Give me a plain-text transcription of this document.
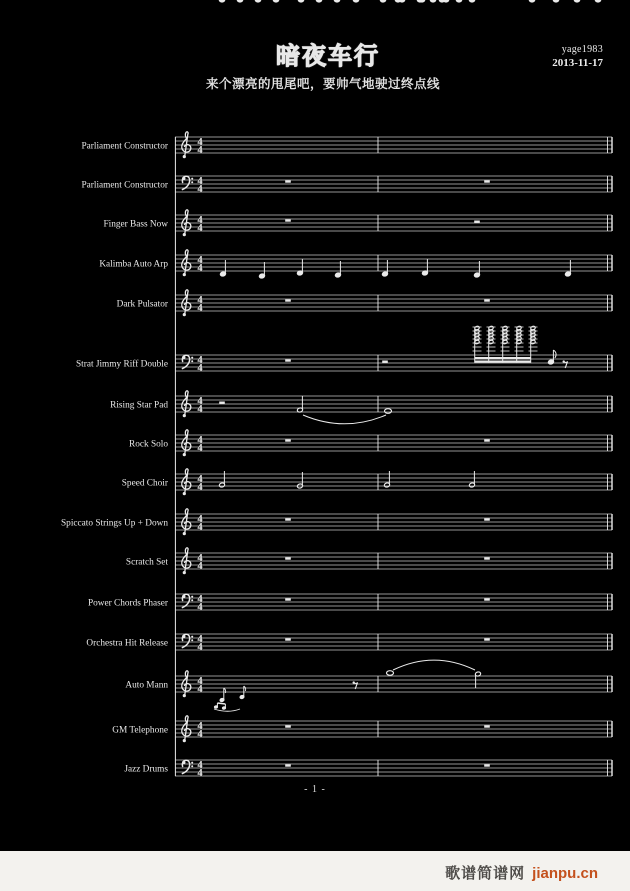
Parliament Constructor	4
4
Parliament Constructor	4
4
Finger Bass Now	4
4
Kalimba Auto Arp	4
4
Dark Pulsator	4
4
Strat Jimmy Riff Double	4
4
Rising Star Pad	4
4
Rock Solo	4
4
Speed Choir	4
4
Spiccato Strings Up + Down	4
4
Scratch Set	4
4
Power Chords Phaser	4
4
Orchestra Hit Release	4
4
Auto Mann	4
4
GM Telephone	4
4
Jazz Drums	4
4
暗夜车行
来个漂亮的甩尾吧，要帅气地驶过终点线
yage1983
2013-11-17
- 1 -
歌谱简谱网 jianpu.cn
